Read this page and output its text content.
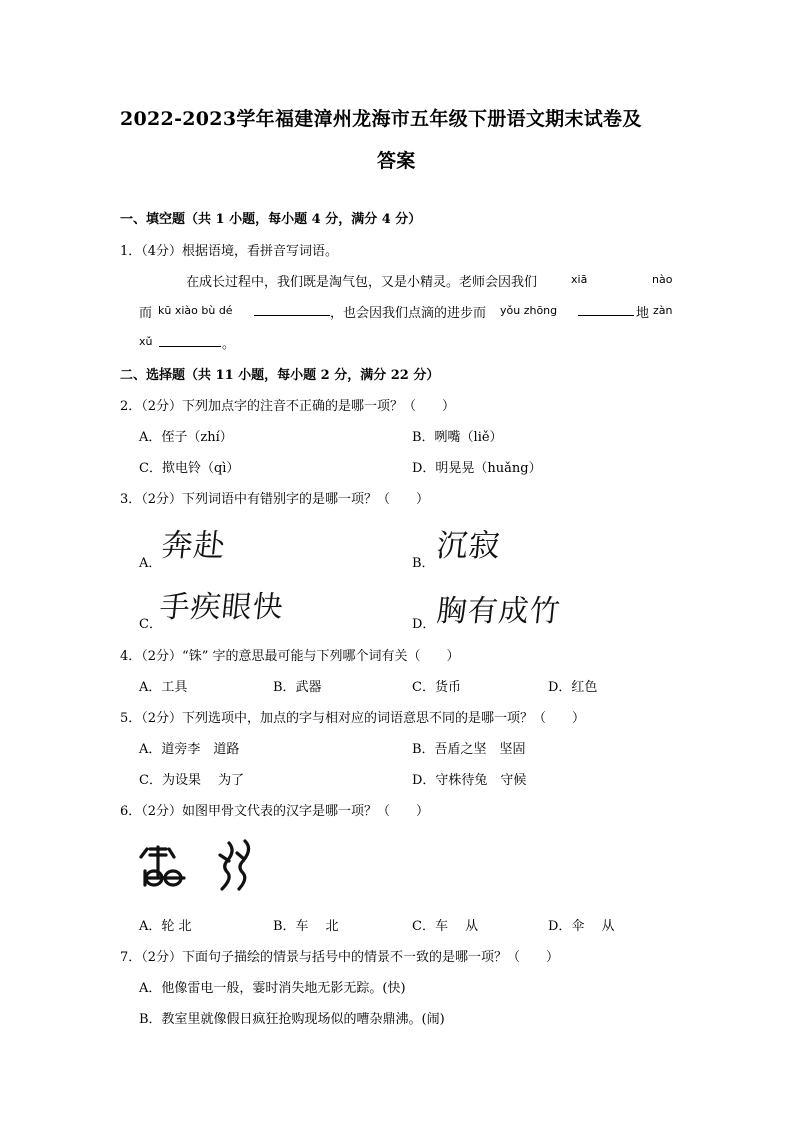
2022-2023学年福建漳州龙海市五年级下册语文期末试卷及
答案
一、填空题（共 1 小题，每小题 4 分，满分 4 分）
1．（4分）根据语境，看拼音写词语。
在成长过程中，我们既是淘气包，又是小精灵。老师会因我们	xiā	nào
而 kū xiào bù dé	，也会因我们点滴的进步而 yǒu zhōng	地 zàn
xǔ	。
二、选择题（共 11 小题，每小题 2 分，满分 22 分）
2．（2分）下列加点字的注音不正确的是哪一项？（　　）
A．侄子（zhí）	B．咧嘴（liě）
C．揿电铃（qì）	D．明晃晃（huǎng）
3．（2分）下列词语中有错别字的是哪一项？（　　）
A．
奔赴	B． 沉寂
C．
手疾眼快	D． 胸有成竹
4．（2分）“铢” 字的意思最可能与下列哪个词有关（　　）
A．工具	B．武器	C．货币	D．红色
5．（2分）下列选项中，加点的字与相对应的词语意思不同的是哪一项？（　　）
A．道旁李　道路	B．吾盾之坚　坚固
C．为设果　 为了	D．守株待兔　守候
6．（2分）如图甲骨文代表的汉字是哪一项？（　　）
A．轮 北	B．车　 北	C．车　 从	D．伞　 从
7．（2分）下面句子描绘的情景与括号中的情景不一致的是哪一项？（　　）
A．他像雷电一般，霎时消失地无影无踪。(快)
B．教室里就像假日疯狂抢购现场似的嘈杂鼎沸。(闹)
